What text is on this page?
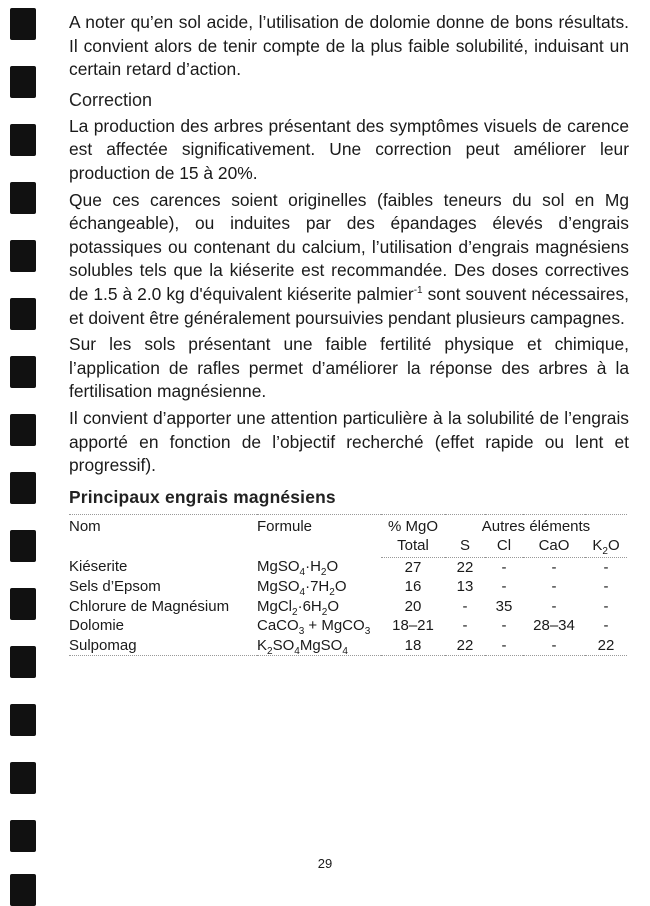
A noter qu’en sol acide, l’utilisation de dolomie donne de bons résultats. Il convient alors de tenir compte de la plus faible solubilité, induisant un certain retard d’action.

Correction

La production des arbres présentant des symptômes visuels de carence est affectée significativement. Une correction peut améliorer leur production de 15 à 20%.

Que ces carences soient originelles (faibles teneurs du sol en Mg échangeable), ou induites par des épandages élevés d’engrais potassiques ou contenant du calcium, l’utilisation d’engrais magnésiens solubles tels que la kiéserite est recommandée. Des doses correctives de 1.5 à 2.0 kg d'équivalent kiéserite palmier$^{-1}$ sont souvent nécessaires, et doivent être généralement poursuivies pendant plusieurs campagnes.

Sur les sols présentant une faible fertilité physique et chimique, l’application de rafles permet d’améliorer la réponse des arbres à la fertilisation magnésienne.

Il convient d’apporter une attention particulière à la solubilité de l’engrais apporté en fonction de l’objectif recherché (effet rapide ou lent et progressif).

Principaux engrais magnésiens
Nom	Formule	% MgO	Autres éléments			
		Total	S	Cl	CaO	$K_2O$
Kiéserite	$MgSO_4\cdot H_2O$	27	22	-	-	-
Sels d’Epsom	$MgSO_4\cdot 7H_2O$	16	13	-	-	-
Chlorure de Magnésium	$MgCl_2\cdot 6H_2O$	20	-	35	-	-
Dolomie	CaCO$_3$ + MgCO$_3$	18–21	-	-	28–34	-
Sulpomag	$K_2SO_4MgSO_4$	18	22	-	-	22
29
